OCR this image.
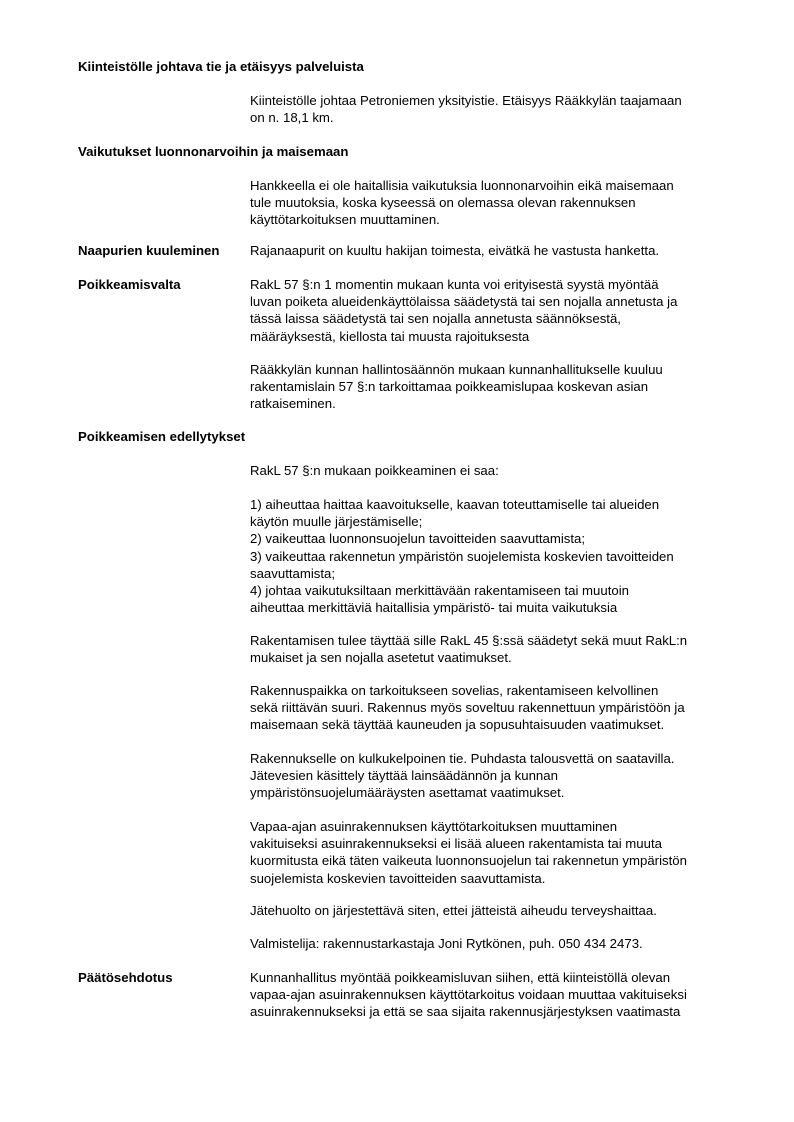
Kiinteistölle johtava tie ja etäisyys palveluista
Kiinteistölle johtaa Petroniemen yksityistie. Etäisyys Rääkkylän taajamaan
on n. 18,1 km.
Vaikutukset luonnonarvoihin ja maisemaan
Hankkeella ei ole haitallisia vaikutuksia luonnonarvoihin eikä maisemaan
tule muutoksia, koska kyseessä on olemassa olevan rakennuksen
käyttötarkoituksen muuttaminen.
Naapurien kuuleminen Rajanaapurit on kuultu hakijan toimesta, eivätkä he vastusta hanketta.
Poikkeamisvalta	RakL 57 §:n 1 momentin mukaan kunta voi erityisestä syystä myöntää
luvan poiketa alueidenkäyttölaissa säädetystä tai sen nojalla annetusta ja
tässä laissa säädetystä tai sen nojalla annetusta säännöksestä,
määräyksestä, kiellosta tai muusta rajoituksesta
Rääkkylän kunnan hallintosäännön mukaan kunnanhallitukselle kuuluu
rakentamislain 57 §:n tarkoittamaa poikkeamislupaa koskevan asian
ratkaiseminen.
Poikkeamisen edellytykset
RakL 57 §:n mukaan poikkeaminen ei saa:
1) aiheuttaa haittaa kaavoitukselle, kaavan toteuttamiselle tai alueiden
käytön muulle järjestämiselle;
2) vaikeuttaa luonnonsuojelun tavoitteiden saavuttamista;
3) vaikeuttaa rakennetun ympäristön suojelemista koskevien tavoitteiden
saavuttamista;
4) johtaa vaikutuksiltaan merkittävään rakentamiseen tai muutoin
aiheuttaa merkittäviä haitallisia ympäristö- tai muita vaikutuksia
Rakentamisen tulee täyttää sille RakL 45 §:ssä säädetyt sekä muut RakL:n
mukaiset ja sen nojalla asetetut vaatimukset.
Rakennuspaikka on tarkoitukseen sovelias, rakentamiseen kelvollinen
sekä riittävän suuri. Rakennus myös soveltuu rakennettuun ympäristöön ja
maisemaan sekä täyttää kauneuden ja sopusuhtaisuuden vaatimukset.
Rakennukselle on kulkukelpoinen tie. Puhdasta talousvettä on saatavilla.
Jätevesien käsittely täyttää lainsäädännön ja kunnan
ympäristönsuojelumääräysten asettamat vaatimukset.
Vapaa-ajan asuinrakennuksen käyttötarkoituksen muuttaminen
vakituiseksi asuinrakennukseksi ei lisää alueen rakentamista tai muuta
kuormitusta eikä täten vaikeuta luonnonsuojelun tai rakennetun ympäristön
suojelemista koskevien tavoitteiden saavuttamista.
Jätehuolto on järjestettävä siten, ettei jätteistä aiheudu terveyshaittaa.
Valmistelija: rakennustarkastaja Joni Rytkönen, puh. 050 434 2473.
Päätösehdotus	Kunnanhallitus myöntää poikkeamisluvan siihen, että kiinteistöllä olevan
vapaa-ajan asuinrakennuksen käyttötarkoitus voidaan muuttaa vakituiseksi
asuinrakennukseksi ja että se saa sijaita rakennusjärjestyksen vaatimasta
